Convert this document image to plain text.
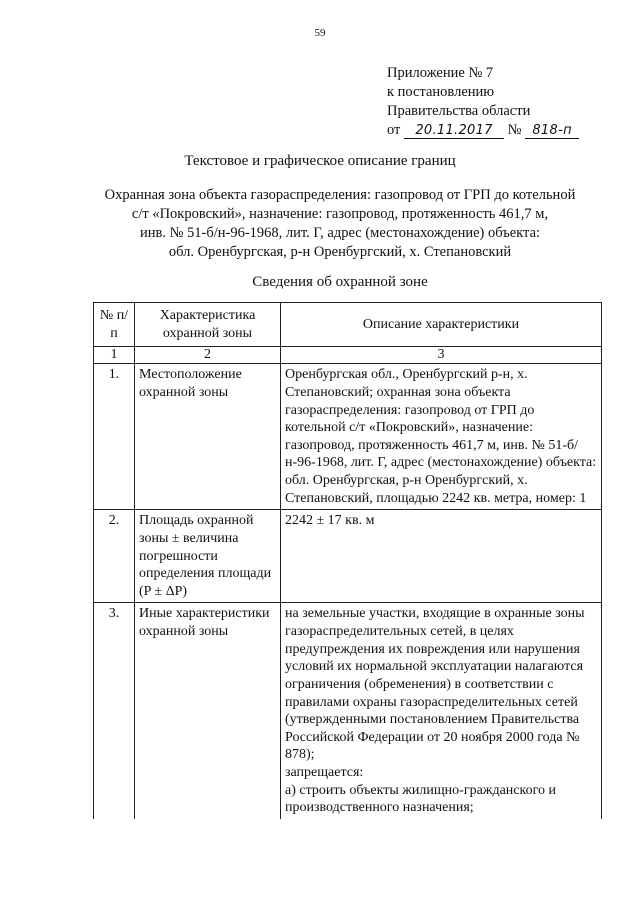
59
Приложение № 7
к постановлению
Правительства области
от 20.11.2017 № 818-п
Текстовое и графическое описание границ
Охранная зона объекта газораспределения: газопровод от ГРП до котельной
с/т «Покровский», назначение: газопровод, протяженность 461,7 м,
инв. № 51-б/н-96-1968, лит. Г, адрес (местонахождение) объекта:
обл. Оренбургская, р-н Оренбургский, х. Степановский
Сведения об охранной зоне
№ п/п	Характеристика охранной зоны	Описание характеристики
1	2	3
1.	Местоположение охранной зоны	Оренбургская обл., Оренбургский р-н, х. Степановский; охранная зона объекта газораспределения: газопровод от ГРП до котельной с/т «Покровский», назначение: газопровод, протяженность 461,7 м, инв. № 51-б/н-96-1968, лит. Г, адрес (местонахождение) объекта: обл. Оренбургская, р-н Оренбургский, х. Степановский, площадью 2242 кв. метра, номер: 1
2.	Площадь охранной зоны ± величина погрешности определения площади (P ± ΔP)	2242 ± 17 кв. м
3.	Иные характеристики охранной зоны	на земельные участки, входящие в охранные зоны газораспределительных сетей, в целях предупреждения их повреждения или нарушения условий их нормальной эксплуатации налагаются ограничения (обременения) в соответствии с правилами охраны газораспределительных сетей (утвержденными постановлением Правительства Российской Федерации от 20 ноября 2000 года № 878);
запрещается:
а) строить объекты жилищно-гражданского и производственного назначения;
